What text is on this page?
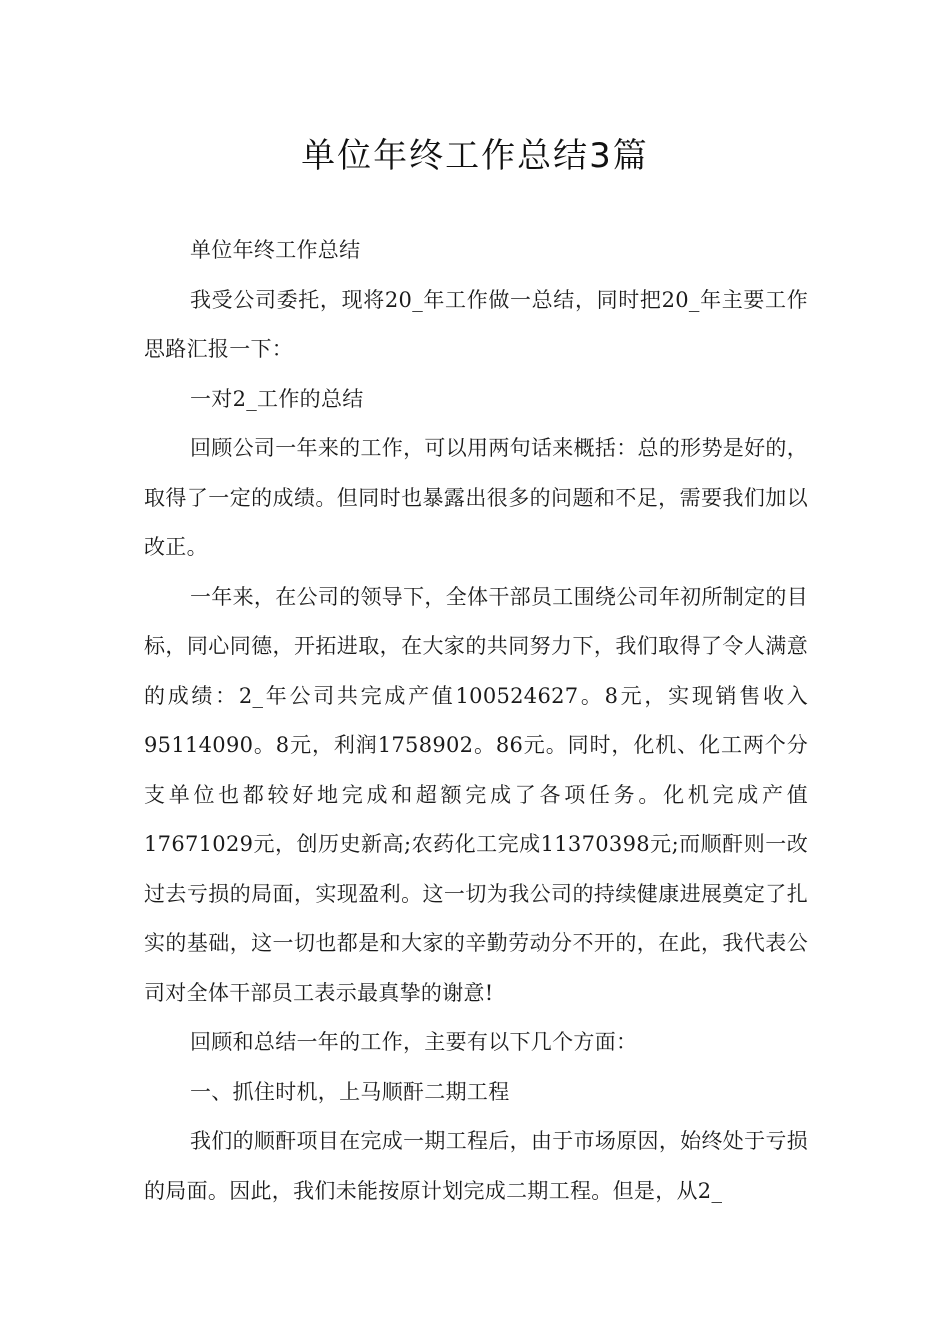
单位年终工作总结3篇

单位年终工作总结

我受公司委托，现将20_年工作做一总结，同时把20_年主要工作思路汇报一下：

一对2_工作的总结

回顾公司一年来的工作，可以用两句话来概括：总的形势是好的，取得了一定的成绩。但同时也暴露出很多的问题和不足，需要我们加以改正。

一年来，在公司的领导下，全体干部员工围绕公司年初所制定的目标，同心同德，开拓进取，在大家的共同努力下，我们取得了令人满意的成绩：2_年公司共完成产值100524627。8元，实现销售收入95114090。8元，利润1758902。86元。同时，化机、化工两个分支单位也都较好地完成和超额完成了各项任务。化机完成产值17671029元，创历史新高;农药化工完成11370398元;而顺酐则一改过去亏损的局面，实现盈利。这一切为我公司的持续健康进展奠定了扎实的基础，这一切也都是和大家的辛勤劳动分不开的，在此，我代表公司对全体干部员工表示最真挚的谢意!

回顾和总结一年的工作，主要有以下几个方面：

一、抓住时机，上马顺酐二期工程

我们的顺酐项目在完成一期工程后，由于市场原因，始终处于亏损的局面。因此，我们未能按原计划完成二期工程。但是，从2_
